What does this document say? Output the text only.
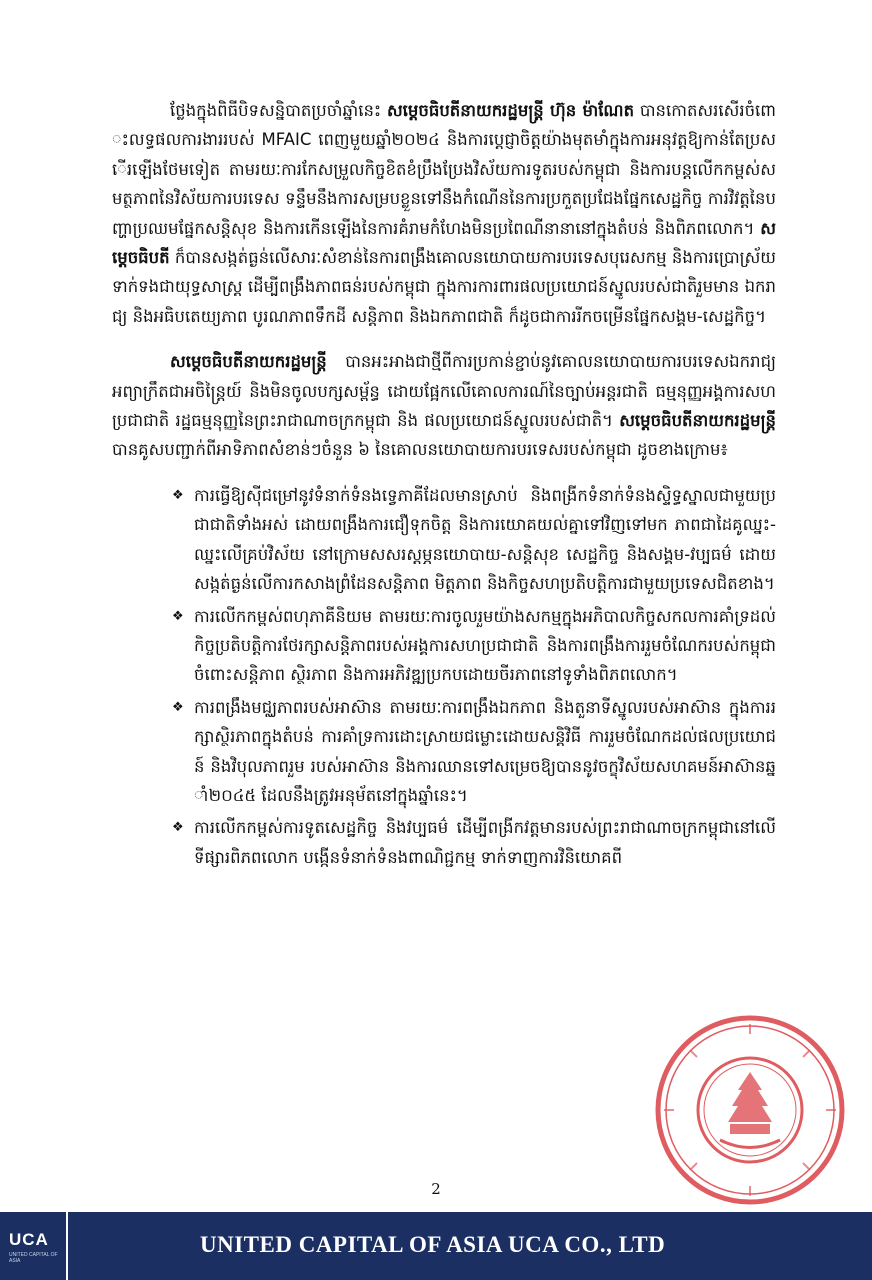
ថ្លែងក្នុងពិធីបិទសន្និបាតប្រចាំឆ្នាំនេះ សម្ដេចធិបតីនាយករដ្ឋមន្ត្រី ហ៊ុន ម៉ាណែត បានកោតសរសើរចំពោះលទ្ធផលការងាររបស់ MFAIC ពេញមួយឆ្នាំ២០២៤ និងការប្ដេជ្ញាចិត្តយ៉ាងមុតមាំក្នុងការអនុវត្តឱ្យកាន់តែប្រសើរឡើងថែមទៀត តាមរយៈការកែសម្រួលកិច្ចខិតខំប្រឹងប្រែងវិស័យការទូតរបស់កម្ពុជា និងការបន្តលើកកម្ពស់សមត្ថភាពនៃវិស័យការបរទេស ទន្ទឹមនឹងការសម្របខ្លួនទៅនឹងកំណើននៃការប្រកួតប្រជែងផ្នែកសេដ្ឋកិច្ច ការវិវត្តនៃបញ្ហាប្រឈមផ្នែកសន្តិសុខ និងការកើនឡើងនៃការគំរាមកំហែងមិនប្រពៃណីនានានៅក្នុងតំបន់ និងពិភពលោក។ សម្ដេចធិបតី ក៏បានសង្កត់ធ្ងន់លើសារៈសំខាន់នៃការពង្រឹងគោលនយោបាយការបរទេសបុរេសកម្ម និងការប្រោស្រ័យទាក់ទងជាយុទ្ធសាស្ត្រ ដើម្បីពង្រឹងភាពធន់របស់កម្ពុជា ក្នុងការការពារផលប្រយោជន៍ស្នូលរបស់ជាតិរួមមាន ឯករាជ្យ និងអធិបតេយ្យភាព បូរណភាពទឹកដី សន្តិភាព និងឯកភាពជាតិ ក៏ដូចជាការរីកចម្រើនផ្នែកសង្គម-សេដ្ឋកិច្ច។

សម្ដេចធិបតីនាយករដ្ឋមន្ត្រី បានអះអាងជាថ្មីពីការប្រកាន់ខ្ជាប់នូវគោលនយោបាយការបរទេសឯករាជ្យ អព្យាក្រឹតជាអចិន្ត្រៃយ៍ និងមិនចូលបក្សសម្ព័ន្ធ ដោយផ្អែកលើគោលការណ៍នៃច្បាប់អន្តរជាតិ ធម្មនុញ្ញអង្គការសហប្រជាជាតិ រដ្ឋធម្មនុញ្ញនៃព្រះរាជាណាចក្រកម្ពុជា និង ផលប្រយោជន៍ស្នូលរបស់ជាតិ។ សម្ដេចធិបតីនាយករដ្ឋមន្ត្រី បានគូសបញ្ជាក់ពីអាទិភាពសំខាន់ៗចំនួន ៦ នៃគោលនយោបាយការបរទេសរបស់កម្ពុជា ដូចខាងក្រោម៖

❖ ការធ្វើឱ្យស៊ីជម្រៅនូវទំនាក់ទំនងទ្វេភាគីដែលមានស្រាប់ និងពង្រីកទំនាក់ទំនងស្ទិទ្ធស្នាលជាមួយប្រជាជាតិទាំងអស់ ដោយពង្រឹងការជឿទុកចិត្ត និងការយោគយល់គ្នាទៅវិញទៅមក ភាពជាដៃគូឈ្នះ-ឈ្នះលើគ្រប់វិស័យ នៅក្រោមសសរស្តម្ភនយោបាយ-សន្តិសុខ សេដ្ឋកិច្ច និងសង្គម-វប្បធម៌ ដោយសង្កត់ធ្ងន់លើការកសាងព្រំដែនសន្តិភាព មិត្តភាព និងកិច្ចសហប្រតិបត្តិការជាមួយប្រទេសជិតខាង។
❖ ការលើកកម្ពស់ពហុភាគីនិយម តាមរយៈការចូលរួមយ៉ាងសកម្មក្នុងអភិបាលកិច្ចសកលការគាំទ្រដល់កិច្ចប្រតិបត្តិការថែរក្សាសន្តិភាពរបស់អង្គការសហប្រជាជាតិ និងការពង្រឹងការរួមចំណែករបស់កម្ពុជាចំពោះសន្តិភាព ស្ថិរភាព និងការអភិវឌ្ឍប្រកបដោយចីរភាពនៅទូទាំងពិភពលោក។
❖ ការពង្រឹងមជ្ឈភាពរបស់អាស៊ាន តាមរយៈការពង្រឹងឯកភាព និងតួនាទីស្នូលរបស់អាស៊ាន ក្នុងការរក្សាស្ថិរភាពក្នុងតំបន់ ការគាំទ្រការដោះស្រាយជម្លោះដោយសន្តិវិធី ការរួមចំណែកដល់ផលប្រយោជន៍ និងវិបុលភាពរួម របស់អាស៊ាន និងការឈានទៅសម្រេចឱ្យបាននូវចក្ខុវិស័យសហគមន៍អាស៊ានឆ្នាំ២០៤៥ ដែលនឹងត្រូវអនុម័តនៅក្នុងឆ្នាំនេះ។
❖ ការលើកកម្ពស់ការទូតសេដ្ឋកិច្ច និងវប្បធម៌ ដើម្បីពង្រីកវត្តមានរបស់ព្រះរាជាណាចក្រកម្ពុជានៅលើទីផ្សារពិភពលោក បង្កើនទំនាក់ទំនងពាណិជ្ជកម្ម ទាក់ទាញការវិនិយោគពី
2
UCA
UNITED CAPITAL OF ASIA
UNITED CAPITAL OF ASIA UCA CO., LTD
